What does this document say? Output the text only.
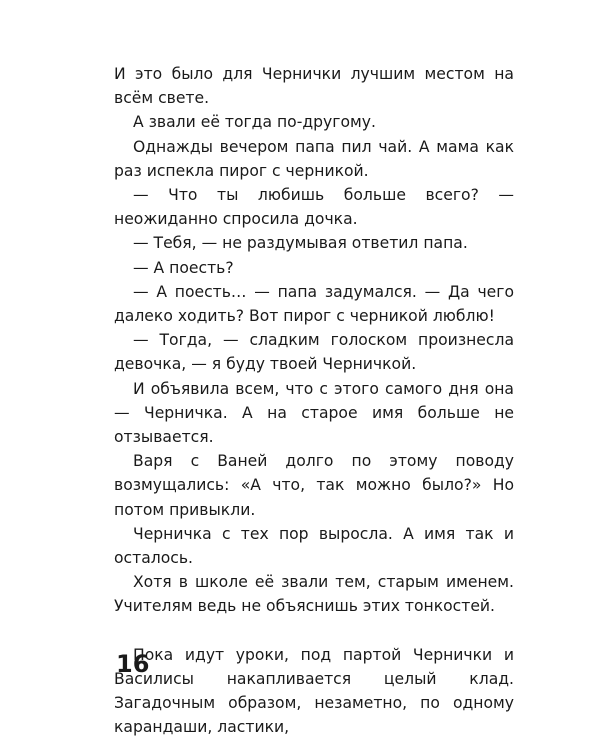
И это было для Чернички лучшим местом на всём свете.

А звали её тогда по-другому.

Однажды вечером папа пил чай. А мама как раз испекла пирог с черникой.

— Что ты любишь больше всего? — неожиданно спросила дочка.

— Тебя, — не раздумывая ответил папа.

— А поесть?

— А поесть… — папа задумался. — Да чего далеко ходить? Вот пирог с черникой люблю!

— Тогда, — сладким голоском произнесла девочка, — я буду твоей Черничкой.

И объявила всем, что с этого самого дня она — Черничка. А на старое имя больше не отзывается.

Варя с Ваней долго по этому поводу возмущались: «А что, так можно было?» Но потом привыкли.

Черничка с тех пор выросла. А имя так и осталось.

Хотя в школе её звали тем, старым именем. Учителям ведь не объяснишь этих тонкостей.

Пока идут уроки, под партой Чернички и Василисы накапливается целый клад. Загадочным образом, незаметно, по одному карандаши, ластики,

16
